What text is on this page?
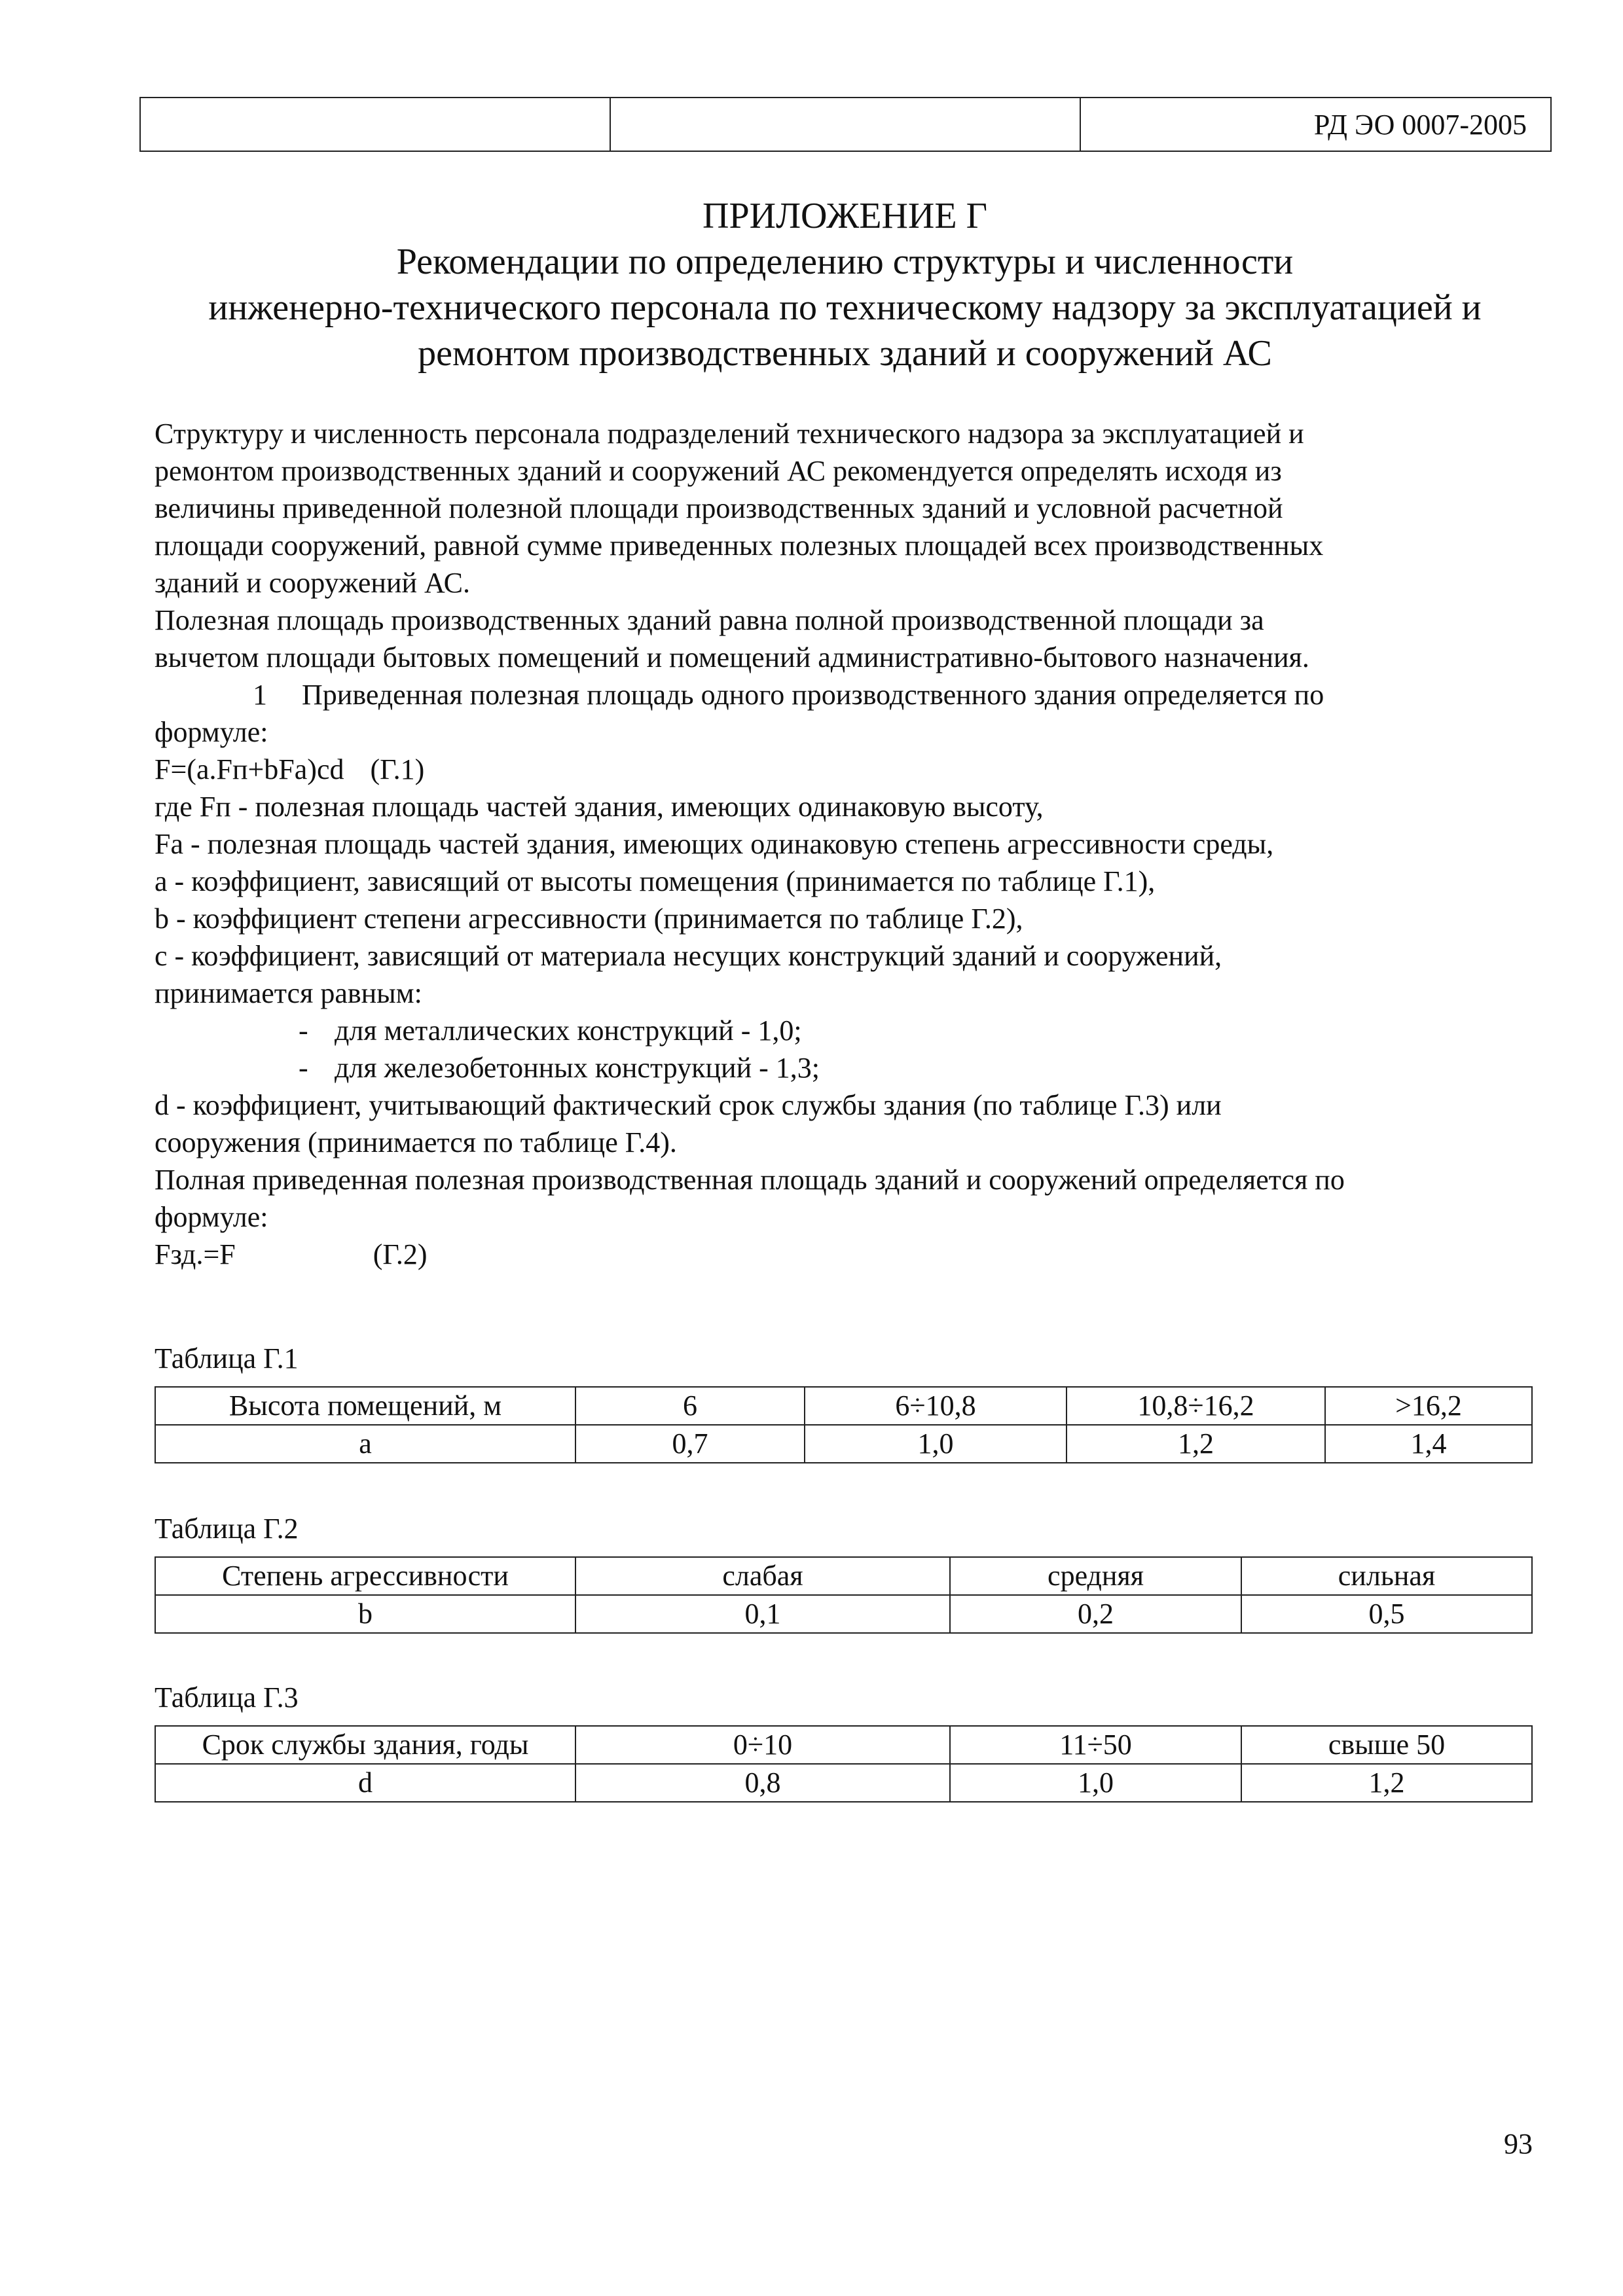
		РД ЭО 0007-2005
ПРИЛОЖЕНИЕ Г
Рекомендации по определению структуры и численности
инженерно-технического персонала по техническому надзору за эксплуатацией и
ремонтом производственных зданий и сооружений АС

Структуру и численность персонала подразделений технического надзора за эксплуатацией и

ремонтом производственных зданий и сооружений АС рекомендуется определять исходя из

величины приведенной полезной площади производственных зданий и условной расчетной

площади сооружений, равной сумме приведенных полезных площадей всех производственных

зданий и сооружений АС.

Полезная площадь производственных зданий равна полной производственной площади за

вычетом площади бытовых помещений и помещений административно-бытового назначения.

1 Приведенная полезная площадь одного производственного здания определяется по

формуле:

F=(a.Fп+bFa)cd (Г.1)

где Fп - полезная площадь частей здания, имеющих одинаковую высоту,

Fa - полезная площадь частей здания, имеющих одинаковую степень агрессивности среды,

a - коэффициент, зависящий от высоты помещения (принимается по таблице Г.1),

b - коэффициент степени агрессивности (принимается по таблице Г.2),

c - коэффициент, зависящий от материала несущих конструкций зданий и сооружений,

принимается равным:

- для металлических конструкций - 1,0;

- для железобетонных конструкций - 1,3;

d - коэффициент, учитывающий фактический срок службы здания (по таблице Г.3) или

сооружения (принимается по таблице Г.4).

Полная приведенная полезная производственная площадь зданий и сооружений определяется по

формуле:

Fзд.=F	(Г.2)

Таблица Г.1
Высота помещений, м	6	6÷10,8	10,8÷16,2	>16,2
a	0,7	1,0	1,2	1,4
Таблица Г.2
Степень агрессивности	слабая	средняя	сильная
b	0,1	0,2	0,5
Таблица Г.3
Срок службы здания, годы	0÷10	11÷50	свыше 50
d	0,8	1,0	1,2
93
